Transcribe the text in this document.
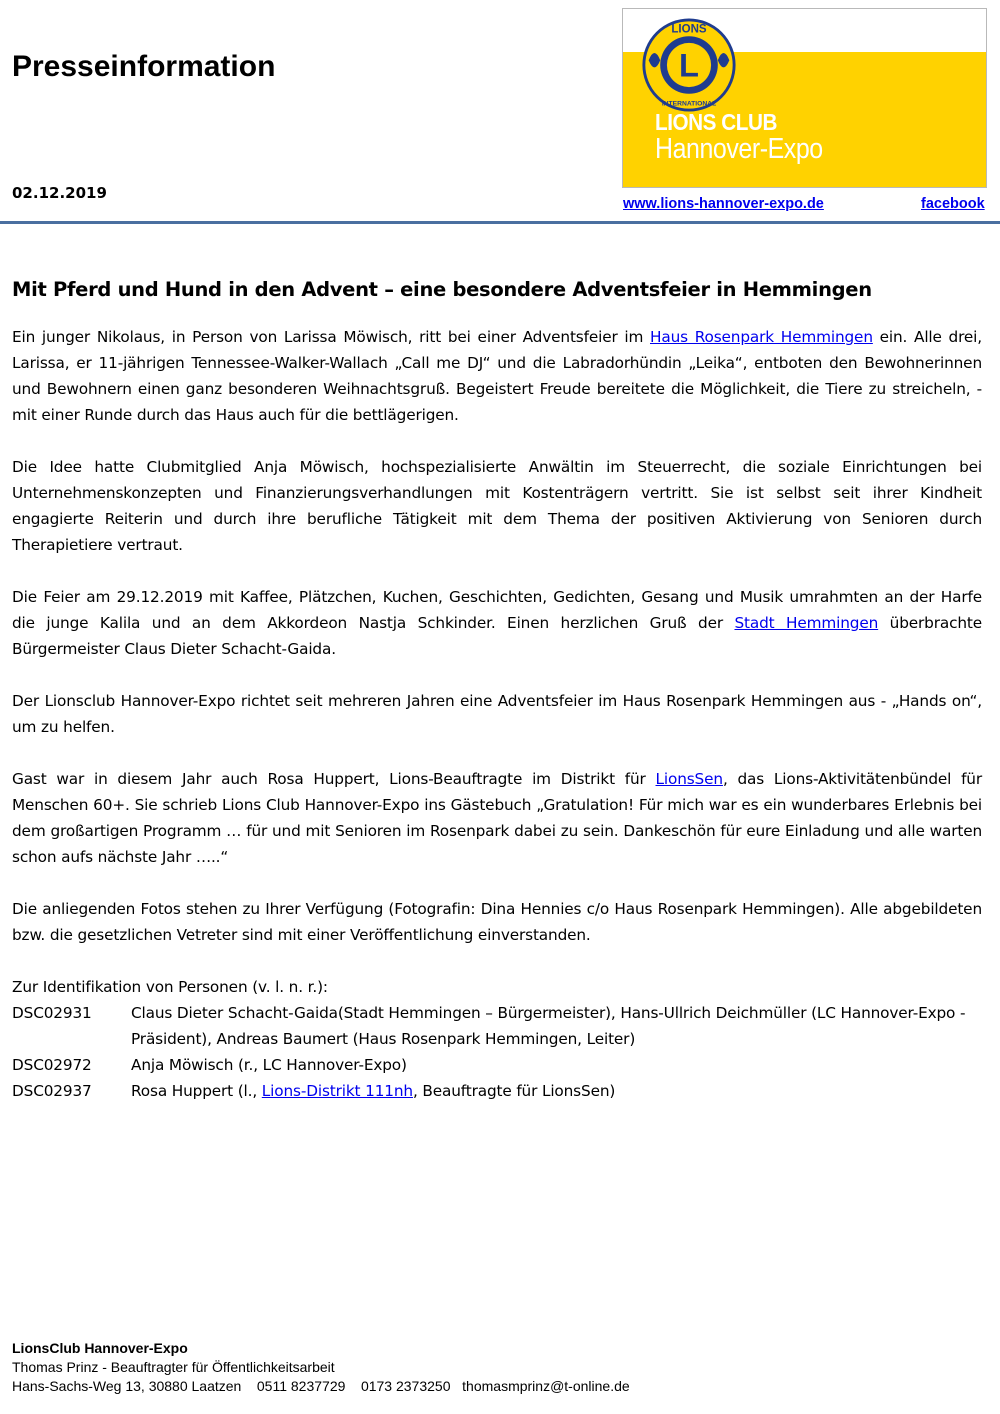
Presseinformation
02.12.2019
L
LIONS
INTERNATIONAL
LIONS CLUB
Hannover-Expo
www.lions-hannover-expo.de	facebook
Mit Pferd und Hund in den Advent – eine besondere Adventsfeier in Hemmingen

Ein junger Nikolaus, in Person von Larissa Möwisch, ritt bei einer Adventsfeier im Haus Rosenpark Hemmingen ein. Alle drei, Larissa, er 11-jährigen Tennessee-Walker-Wallach „Call me DJ“ und die Labradorhündin „Leika“, entboten den Bewohnerinnen und Bewohnern einen ganz besonderen Weihnachtsgruß. Begeistert Freude bereitete die Möglichkeit, die Tiere zu streicheln, - mit einer Runde durch das Haus auch für die bettlägerigen.

Die Idee hatte Clubmitglied Anja Möwisch, hochspezialisierte Anwältin im Steuerrecht, die soziale Einrichtungen bei Unternehmenskonzepten und Finanzierungsverhandlungen mit Kostenträgern vertritt. Sie ist selbst seit ihrer Kindheit engagierte Reiterin und durch ihre berufliche Tätigkeit mit dem Thema der positiven Aktivierung von Senioren durch Therapietiere vertraut.

Die Feier am 29.12.2019 mit Kaffee, Plätzchen, Kuchen, Geschichten, Gedichten, Gesang und Musik umrahmten an der Harfe die junge Kalila und an dem Akkordeon Nastja Schkinder. Einen herzlichen Gruß der Stadt Hemmingen überbrachte Bürgermeister Claus Dieter Schacht-Gaida.

Der Lionsclub Hannover-Expo richtet seit mehreren Jahren eine Adventsfeier im Haus Rosenpark Hemmingen aus - „Hands on“, um zu helfen.

Gast war in diesem Jahr auch Rosa Huppert, Lions-Beauftragte im Distrikt für LionsSen, das Lions-Aktivitätenbündel für Menschen 60+. Sie schrieb Lions Club Hannover-Expo ins Gästebuch „Gratulation! Für mich war es ein wunderbares Erlebnis bei dem großartigen Programm … für und mit Senioren im Rosenpark dabei zu sein. Dankeschön für eure Einladung und alle warten schon aufs nächste Jahr …..“

Die anliegenden Fotos stehen zu Ihrer Verfügung (Fotografin: Dina Hennies c/o Haus Rosenpark Hemmingen). Alle abgebildeten bzw. die gesetzlichen Vetreter sind mit einer Veröffentlichung einverstanden.

Zur Identifikation von Personen (v. l. n. r.):
DSC02931	Claus Dieter Schacht-Gaida(Stadt Hemmingen – Bürgermeister), Hans-Ullrich Deichmüller (LC Hannover-Expo - Präsident), Andreas Baumert (Haus Rosenpark Hemmingen, Leiter)
DSC02972	Anja Möwisch (r., LC Hannover-Expo)
DSC02937	Rosa Huppert (l., Lions-Distrikt 111nh, Beauftragte für LionsSen)
LionsClub Hannover-Expo
Thomas Prinz - Beauftragter für Öffentlichkeitsarbeit
Hans-Sachs-Weg 13, 30880 Laatzen    0511 8237729    0173 2373250   thomasmprinz@t-online.de
